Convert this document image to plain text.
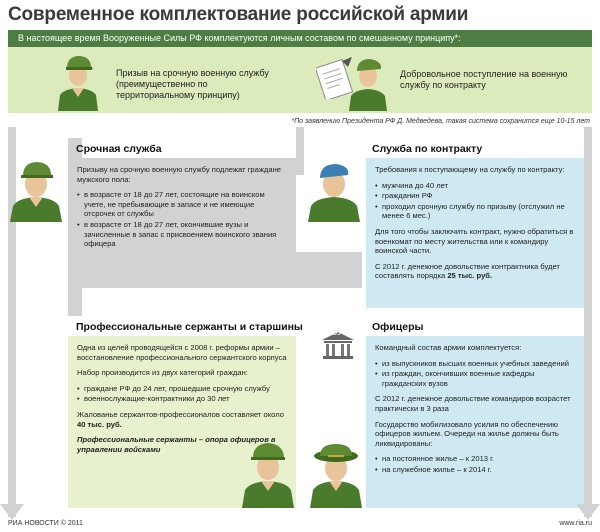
Современное комплектование российской армии
В настоящее время Вооруженные Силы РФ комплектуются личным составом по смешанному принципу*:
Призыв на срочную военную службу (преимущественно по территориальному принципу)
Добровольное поступление на военную службу по контракту
*По заявлению Президента РФ Д. Медведева, такая система сохранится еще 10-15 лет
Срочная служба

Призыву на срочную военную службу подлежат граждане мужского пола:

• в возрасте от 18 до 27 лет, состоящие на воинском учете, не пребывающие в запасе и не имеющие отсрочек от службы
• в возрасте от 18 до 27 лет, окончившие вузы и зачисленные в запас с присвоением воинского звания офицера
Служба по контракту

Требования к поступающему на службу по контракту:

• мужчина до 40 лет
• гражданин РФ
• проходил срочную службу по призыву (отслужил не менее 6 мес.)

Для того чтобы заключить контракт, нужно обратиться в военкомат по месту жительства или к командиру воинской части.

С 2012 г. денежное довольствие контрактника будет составлять порядка 25 тыс. руб.

Профессиональные сержанты и старшины

Одна из целей проводящейся с 2008 г. реформы армии – восстановление профессионального сержантского корпуса

Набор производится из двух категорий граждан:

• граждане РФ до 24 лет, прошедшие срочную службу
• военнослужащие-контрактники до 30 лет

Жалованье сержантов-профессионалов составляет около 40 тыс. руб.

Профессиональные сержанты – опора офицеров в управлении войсками

ВУЗ
Офицеры

Командный состав армии комплектуется:

• из выпускников высших военных учебных заведений
• из граждан, окончивших военные кафедры гражданских вузов

С 2012 г. денежное довольствие командиров возрастет практически в 3 раза

Государство мобилизовало усилия по обеспечению офицеров жильем. Очереди на жилье должны быть ликвидированы:

• на постоянное жилье – к 2013 г.
• на служебное жилье – к 2014 г.
РИА НОВОСТИ © 2011	www.ria.ru
